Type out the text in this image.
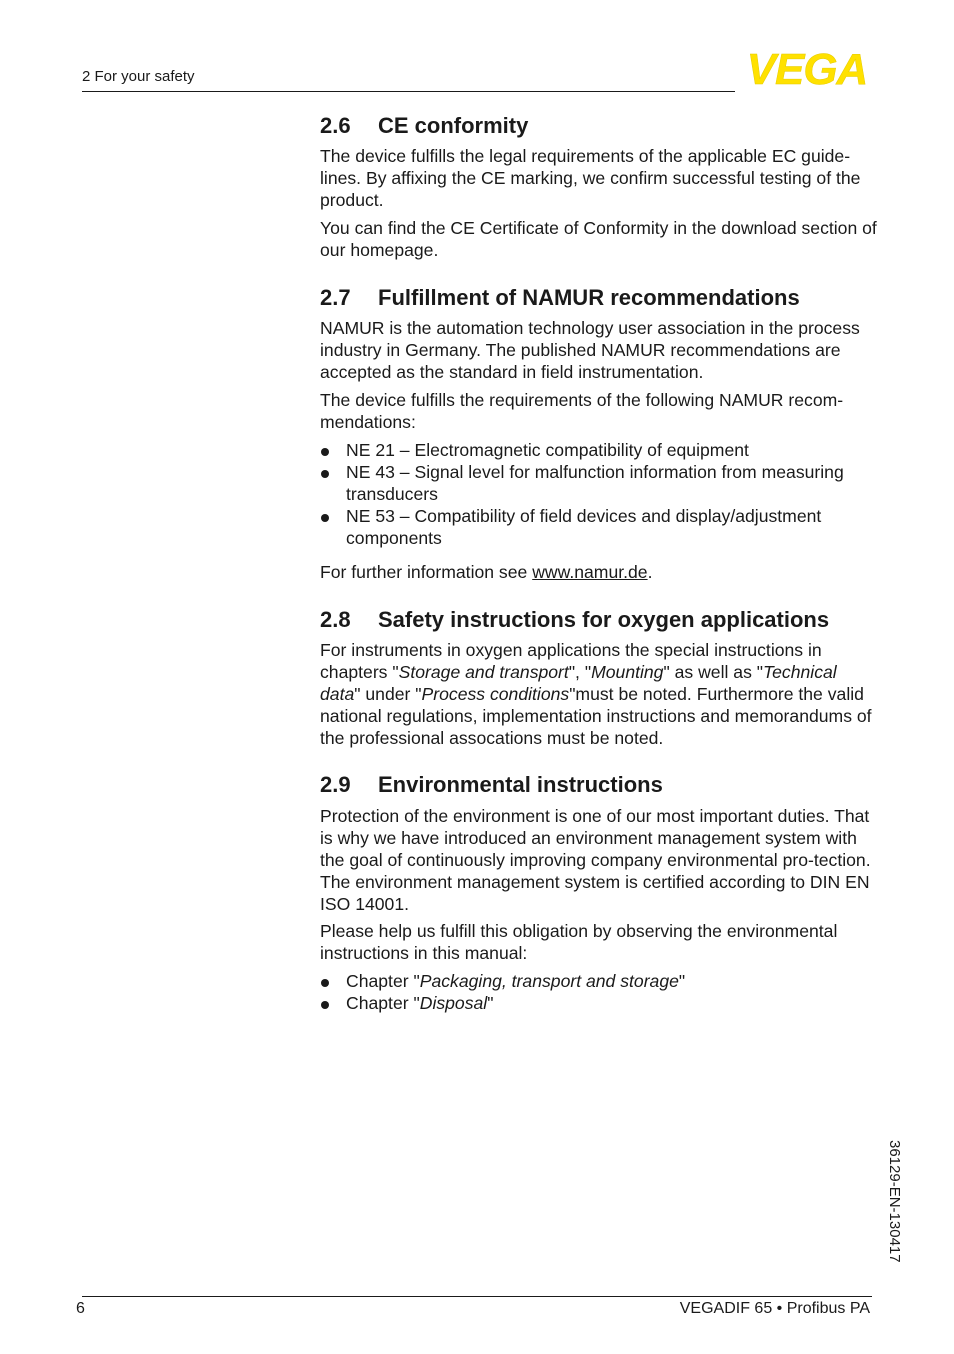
2 For your safety	VEGA
2.6 CE conformity

The device fulfills the legal requirements of the applicable EC guide-lines. By affixing the CE marking, we confirm successful testing of the product.

You can find the CE Certificate of Conformity in the download section of our homepage.

2.7 Fulfillment of NAMUR recommendations

NAMUR is the automation technology user association in the process industry in Germany. The published NAMUR recommendations are accepted as the standard in field instrumentation.

The device fulfills the requirements of the following NAMUR recom-mendations:

NE 21 – Electromagnetic compatibility of equipment
NE 43 – Signal level for malfunction information from measuring transducers
NE 53 – Compatibility of field devices and display/adjustment components

For further information see www.namur.de.

2.8 Safety instructions for oxygen applications

For instruments in oxygen applications the special instructions in chapters "Storage and transport", "Mounting" as well as "Technical data" under "Process conditions"must be noted. Furthermore the valid national regulations, implementation instructions and memorandums of the professional assocations must be noted.

2.9 Environmental instructions

Protection of the environment is one of our most important duties. That is why we have introduced an environment management system with the goal of continuously improving company environmental pro-tection. The environment management system is certified according to DIN EN ISO 14001.

Please help us fulfill this obligation by observing the environmental instructions in this manual:

Chapter "Packaging, transport and storage"
Chapter "Disposal"
36129-EN-130417
6	VEGADIF 65 • Profibus PA
